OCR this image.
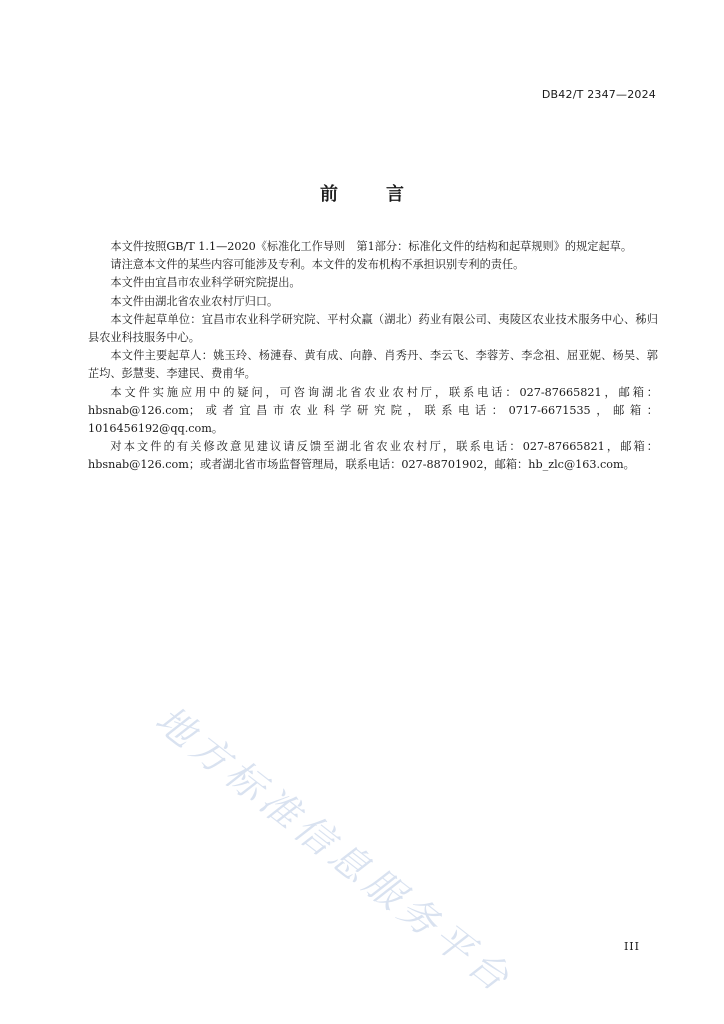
DB42/T 2347—2024
前	言

本文件按照GB/T 1.1—2020《标准化工作导则　第1部分：标准化文件的结构和起草规则》的规定起草。

请注意本文件的某些内容可能涉及专利。本文件的发布机构不承担识别专利的责任。

本文件由宜昌市农业科学研究院提出。

本文件由湖北省农业农村厅归口。

本文件起草单位：宜昌市农业科学研究院、平村众赢（湖北）药业有限公司、夷陵区农业技术服务中心、秭归县农业科技服务中心。

本文件主要起草人：姚玉玲、杨漣春、黄有成、向静、肖秀丹、李云飞、李蓉芳、李念祖、屈亚妮、杨昊、郭芷均、彭慧斐、李建民、费甫华。

本文件实施应用中的疑问，可咨询湖北省农业农村厅，联系电话：027-87665821，邮箱：hbsnab@126.com；或者宜昌市农业科学研究院，联系电话：0717-6671535，邮箱：1016456192@qq.com。

对本文件的有关修改意见建议请反馈至湖北省农业农村厅，联系电话：027-87665821，邮箱：hbsnab@126.com；或者湖北省市场监督管理局，联系电话：027-88701902，邮箱：hb_zlc@163.com。

地方标准信息服务平台	III
